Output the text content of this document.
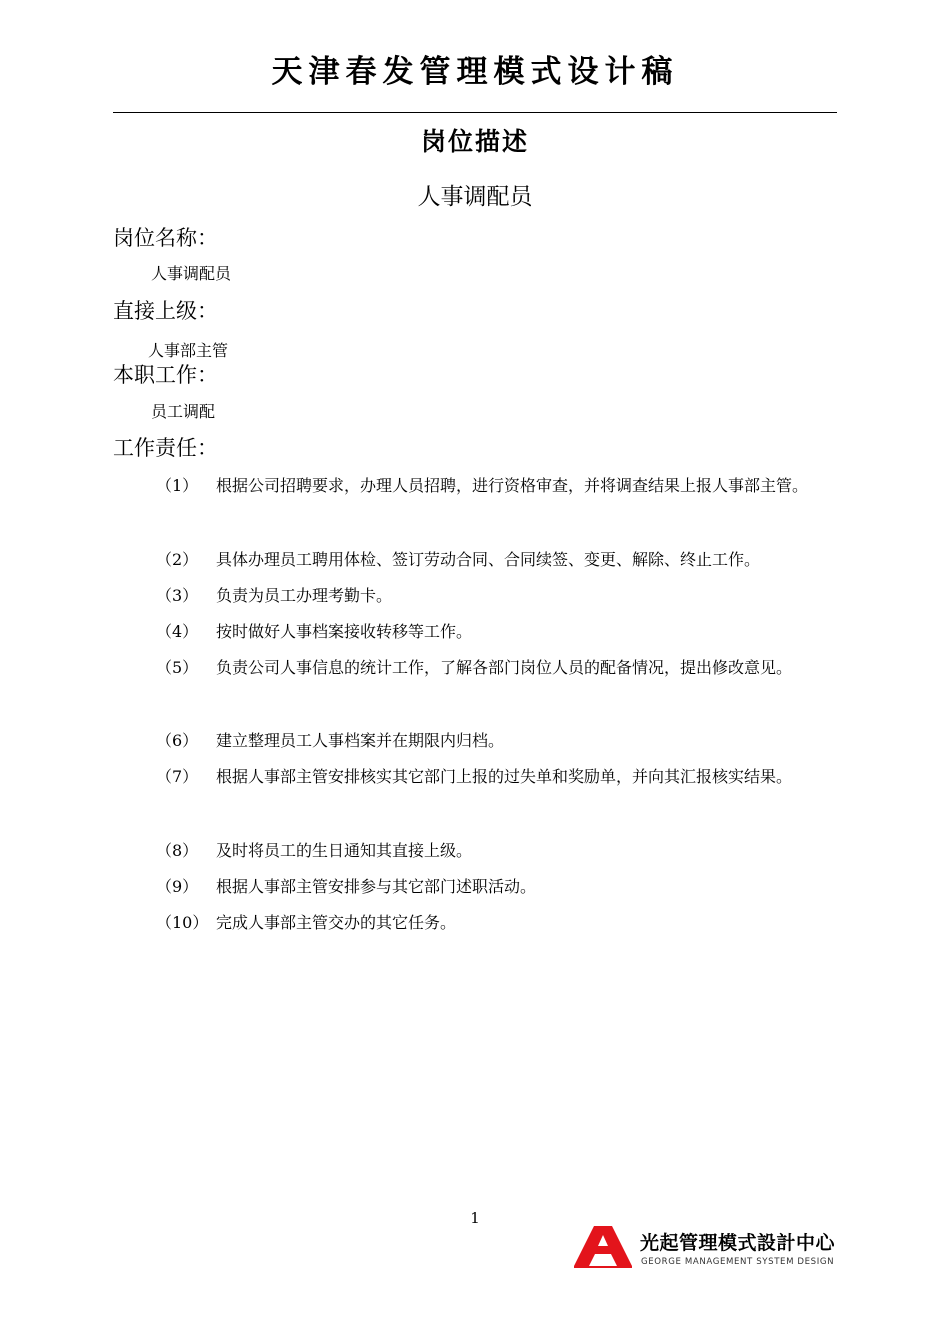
天津春发管理模式设计稿
岗位描述
人事调配员
岗位名称：
人事调配员
直接上级：
人事部主管
本职工作：
员工调配
工作责任：
（1）	根据公司招聘要求，办理人员招聘，进行资格审查，并将调查结果上报人事部主管。
（2）	具体办理员工聘用体检、签订劳动合同、合同续签、变更、解除、终止工作。
（3）	负责为员工办理考勤卡。
（4）	按时做好人事档案接收转移等工作。
（5）	负责公司人事信息的统计工作，了解各部门岗位人员的配备情况，提出修改意见。
（6）	建立整理员工人事档案并在期限内归档。
（7）	根据人事部主管安排核实其它部门上报的过失单和奖励单，并向其汇报核实结果。
（8）	及时将员工的生日通知其直接上级。
（9）	根据人事部主管安排参与其它部门述职活动。
（10） 完成人事部主管交办的其它任务。
1
光起管理模式設計中心
GEORGE MANAGEMENT SYSTEM DESIGN
